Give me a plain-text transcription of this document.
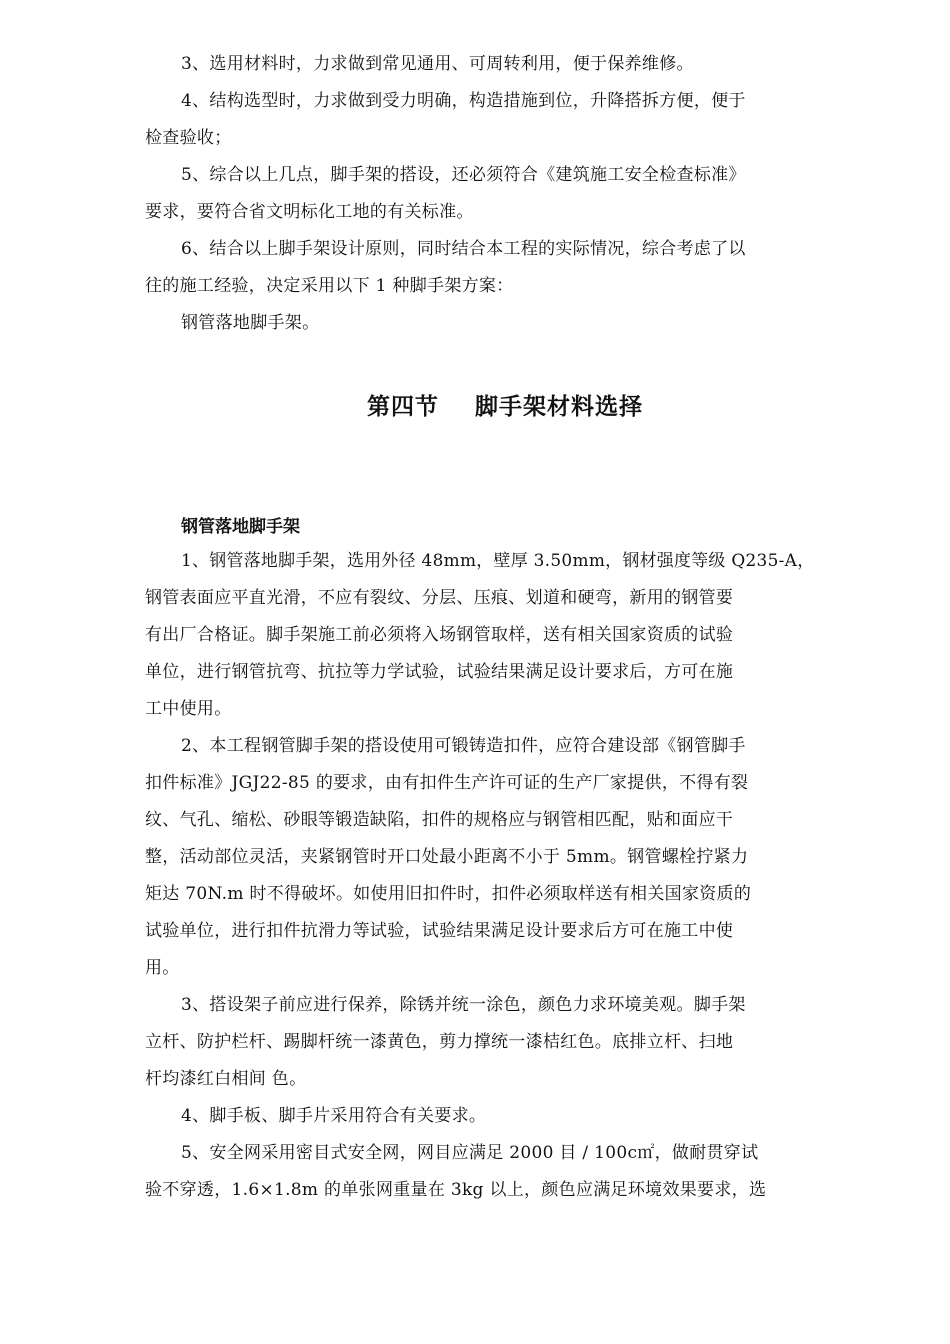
3、选用材料时，力求做到常见通用、可周转利用，便于保养维修。
4、结构选型时，力求做到受力明确，构造措施到位，升降搭拆方便，便于
检查验收；
5、综合以上几点，脚手架的搭设，还必须符合《建筑施工安全检查标准》
要求，要符合省文明标化工地的有关标准。
6、结合以上脚手架设计原则，同时结合本工程的实际情况，综合考虑了以
往的施工经验，决定采用以下 1 种脚手架方案：
钢管落地脚手架。
第四节    脚手架材料选择
钢管落地脚手架
1、钢管落地脚手架，选用外径 48mm，壁厚 3.50mm，钢材强度等级 Q235-A，
钢管表面应平直光滑，不应有裂纹、分层、压痕、划道和硬弯，新用的钢管要
有出厂合格证。脚手架施工前必须将入场钢管取样，送有相关国家资质的试验
单位，进行钢管抗弯、抗拉等力学试验，试验结果满足设计要求后，方可在施
工中使用。
2、本工程钢管脚手架的搭设使用可锻铸造扣件，应符合建设部《钢管脚手
扣件标准》JGJ22-85 的要求，由有扣件生产许可证的生产厂家提供，不得有裂
纹、气孔、缩松、砂眼等锻造缺陷，扣件的规格应与钢管相匹配，贴和面应干
整，活动部位灵活，夹紧钢管时开口处最小距离不小于 5mm。钢管螺栓拧紧力
矩达 70N.m 时不得破坏。如使用旧扣件时，扣件必须取样送有相关国家资质的
试验单位，进行扣件抗滑力等试验，试验结果满足设计要求后方可在施工中使
用。
3、搭设架子前应进行保养，除锈并统一涂色，颜色力求环境美观。脚手架
立杆、防护栏杆、踢脚杆统一漆黄色，剪力撑统一漆桔红色。底排立杆、扫地
杆均漆红白相间 色。
4、脚手板、脚手片采用符合有关要求。
5、安全网采用密目式安全网，网目应满足 2000 目 / 100c㎡，做耐贯穿试
验不穿透，1.6×1.8m 的单张网重量在 3kg 以上，颜色应满足环境效果要求，选
